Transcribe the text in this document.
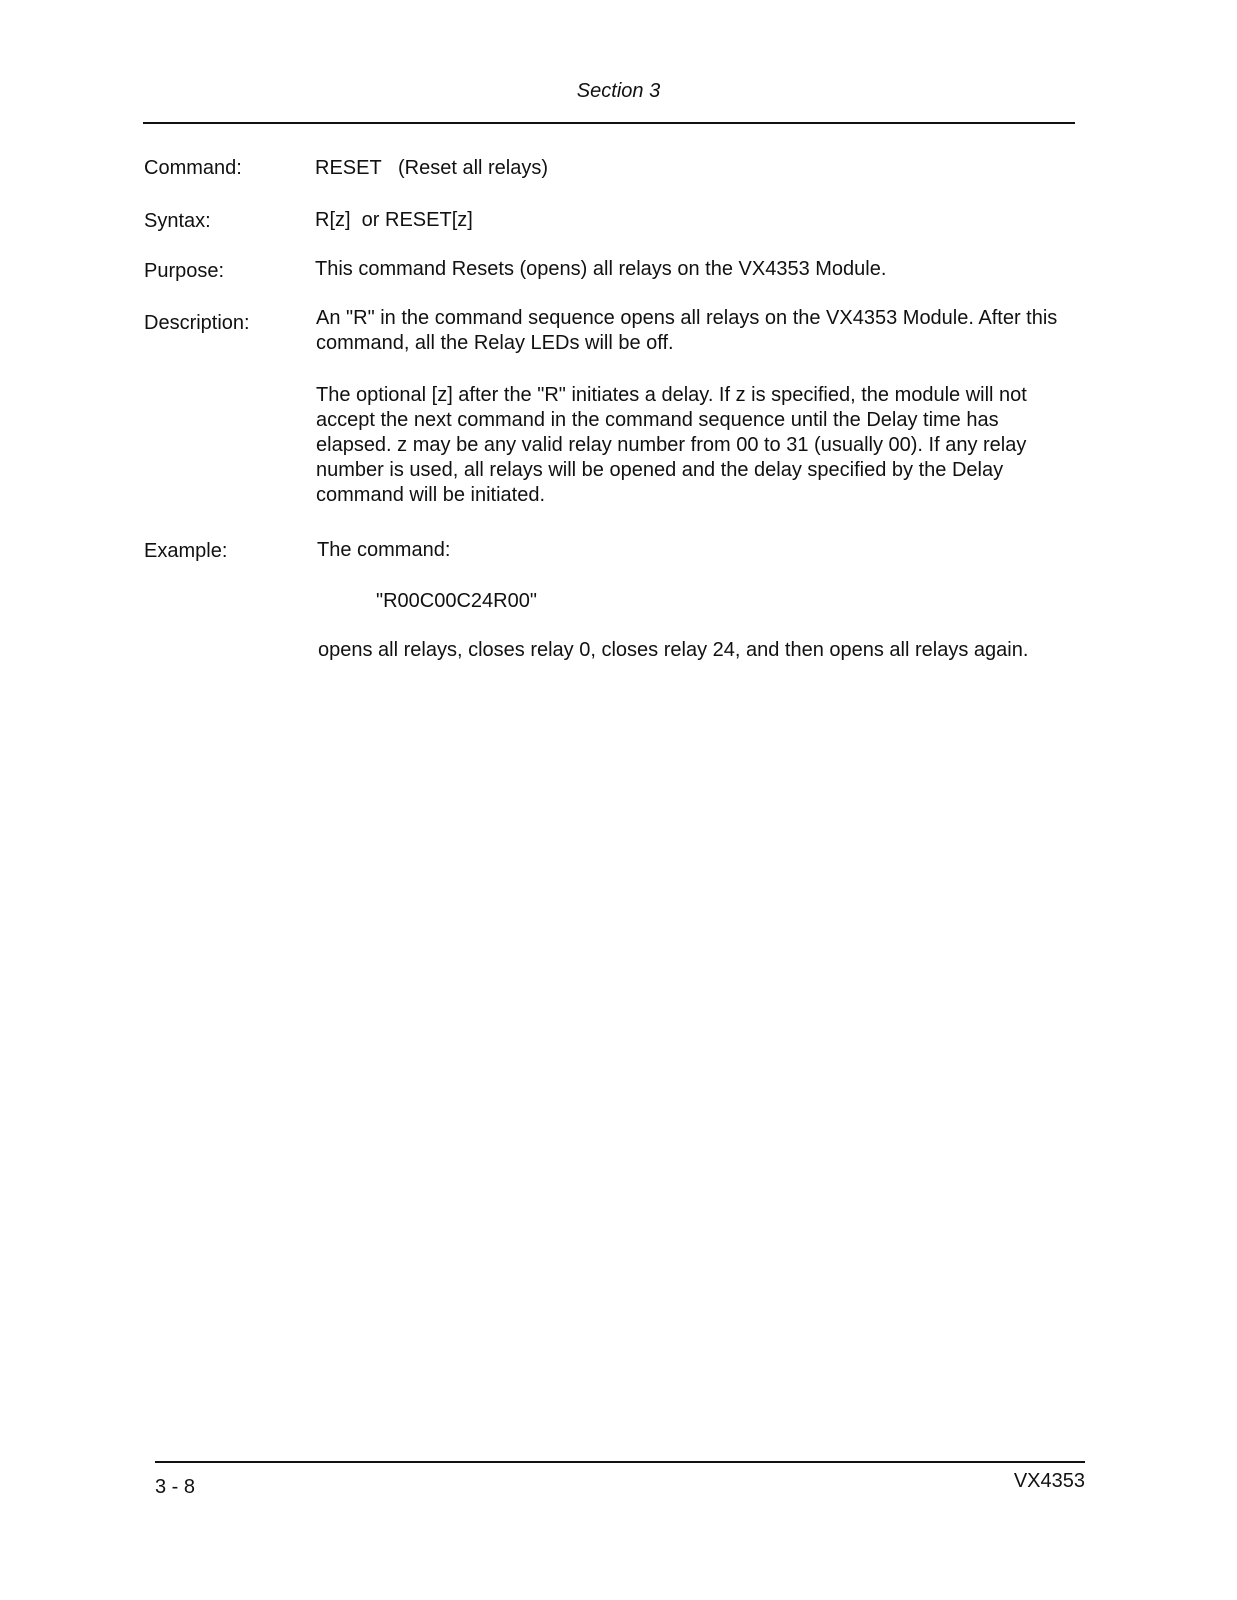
Section 3
Command:	RESET   (Reset all relays)
Syntax:	R[z]  or RESET[z]
Purpose:	This command Resets (opens) all relays on the VX4353 Module.
Description:	An "R" in the command sequence opens all relays on the VX4353 Module. After this command, all the Relay LEDs will be off.
The optional [z] after the "R" initiates a delay. If z is specified, the module will not accept the next command in the command sequence until the Delay time has elapsed. z may be any valid relay number from 00 to 31 (usually 00). If any relay number is used, all relays will be opened and the delay specified by the Delay command will be initiated.
Example:	The command:
"R00C00C24R00"
opens all relays, closes relay 0, closes relay 24, and then opens all relays again.
3 - 8	VX4353
